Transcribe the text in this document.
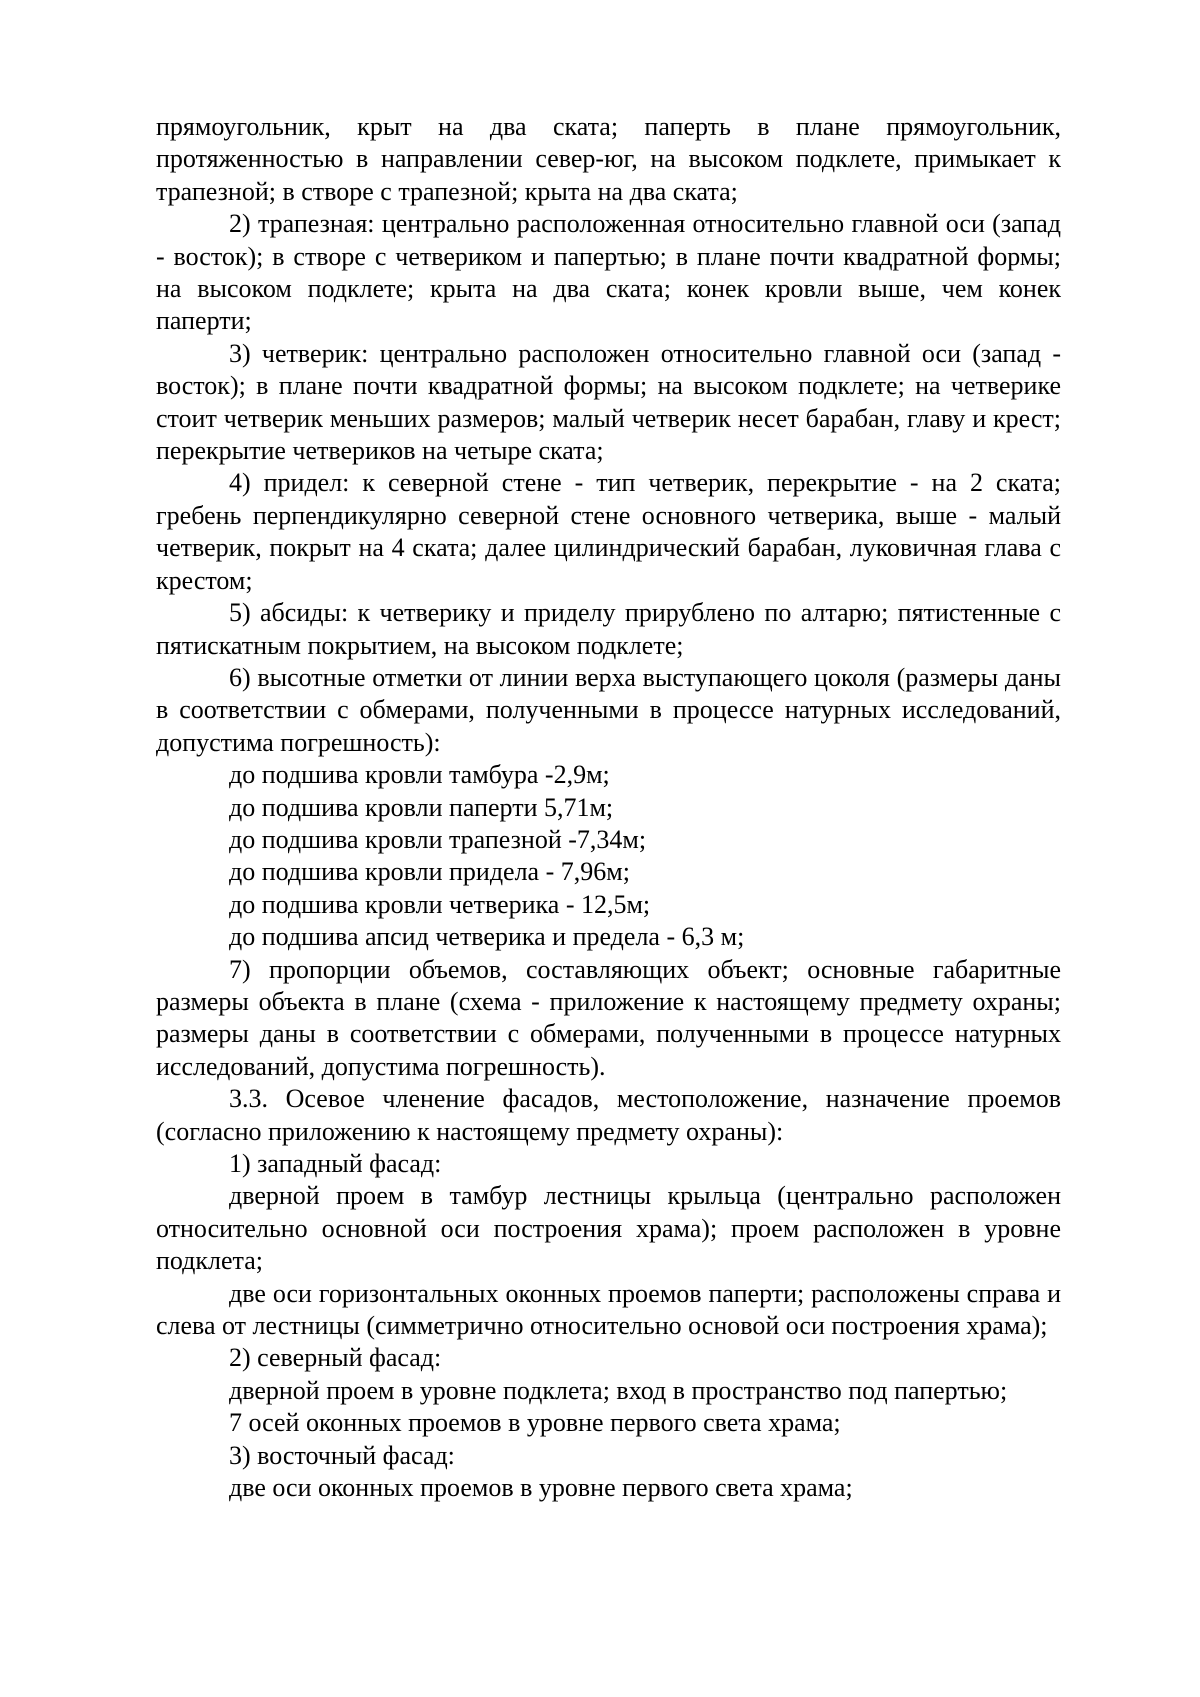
прямоугольник, крыт на два ската; паперть в плане прямоугольник, протяженностью в направлении север-юг, на высоком подклете, примыкает к трапезной; в створе с трапезной; крыта на два ската;

2) трапезная: центрально расположенная относительно главной оси (запад - восток); в створе с четвериком и папертью; в плане почти квадратной формы; на высоком подклете; крыта на два ската; конек кровли выше, чем конек паперти;

3) четверик: центрально расположен относительно главной оси (запад - восток); в плане почти квадратной формы; на высоком подклете; на четверике стоит четверик меньших размеров; малый четверик несет барабан, главу и крест; перекрытие четвериков на четыре ската;

4) придел: к северной стене - тип четверик, перекрытие - на 2 ската; гребень перпендикулярно северной стене основного четверика, выше - малый четверик, покрыт на 4 ската; далее цилиндрический барабан, луковичная глава с крестом;

5) абсиды: к четверику и приделу прирублено по алтарю; пятистенные с пятискатным покрытием, на высоком подклете;

6) высотные отметки от линии верха выступающего цоколя (размеры даны в соответствии с обмерами, полученными в процессе натурных исследований, допустима погрешность):

до подшива кровли тамбура -2,9м;

до подшива кровли паперти 5,71м;

до подшива кровли трапезной -7,34м;

до подшива кровли придела - 7,96м;

до подшива кровли четверика - 12,5м;

до подшива апсид четверика и предела - 6,3 м;

7) пропорции объемов, составляющих объект; основные габаритные размеры объекта в плане (схема - приложение к настоящему предмету охраны; размеры даны в соответствии с обмерами, полученными в процессе натурных исследований, допустима погрешность).

3.3. Осевое членение фасадов, местоположение, назначение проемов (согласно приложению к настоящему предмету охраны):

1) западный фасад:

дверной проем в тамбур лестницы крыльца (центрально расположен относительно основной оси построения храма); проем расположен в уровне подклета;

две оси горизонтальных оконных проемов паперти; расположены справа и слева от лестницы (симметрично относительно основой оси построения храма);

2) северный фасад:

дверной проем в уровне подклета; вход в пространство под папертью;

7 осей оконных проемов в уровне первого света храма;

3) восточный фасад:

две оси оконных проемов в уровне первого света храма;
